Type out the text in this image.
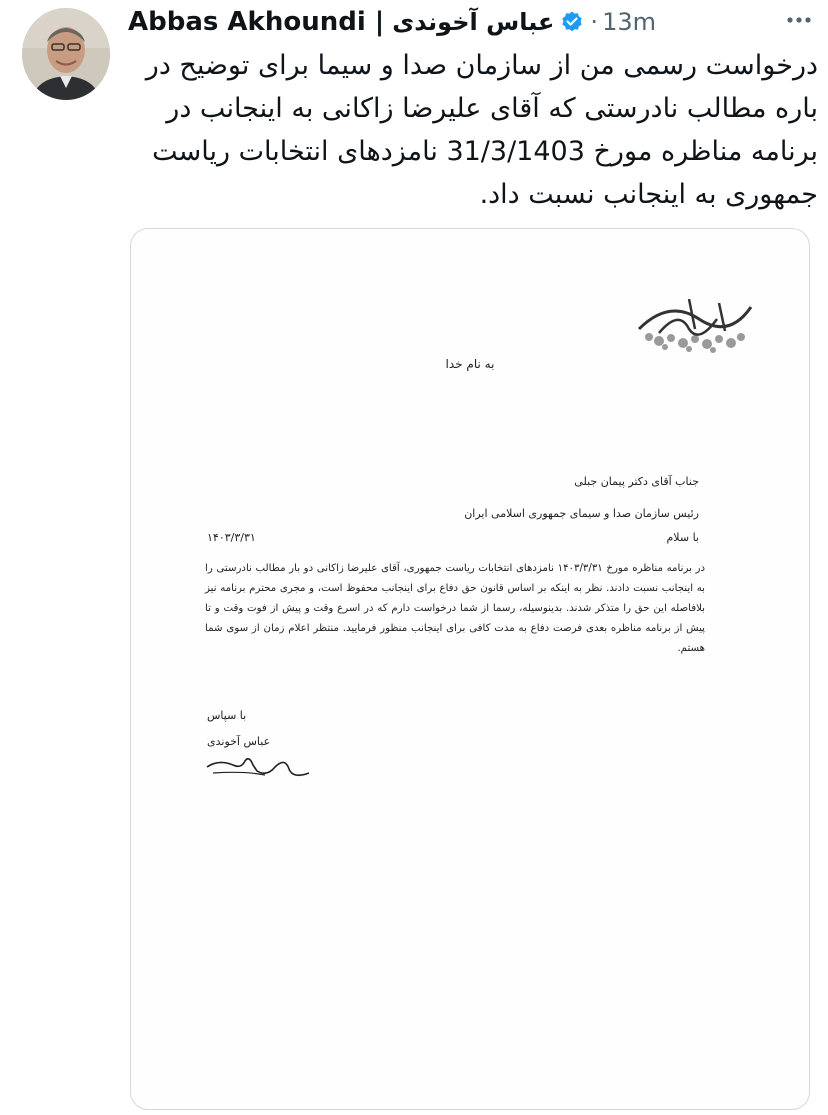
Abbas Akhoundi | عباس آخوندی · 13m
درخواست رسمی من از سازمان صدا و سیما برای توضیح در باره مطالب نادرستی که آقای علیرضا زاکانی به اینجانب در برنامه مناظره مورخ 31/3/1403 نامزدهای انتخابات ریاست جمهوری به اینجانب نسبت داد.
به نام خدا
جناب آقای دکتر پیمان جبلی
رئیس سازمان صدا و سیمای جمهوری اسلامی ایران
با سلام
۱۴۰۳/۳/۳۱
در برنامه مناظره مورخ ۱۴۰۳/۳/۳۱ نامزدهای انتخابات ریاست جمهوری، آقای علیرضا زاکانی دو بار مطالب نادرستی را به اینجانب نسبت دادند. نظر به اینکه بر اساس قانون حق دفاع برای اینجانب محفوظ است، و مجری محترم برنامه نیز بلافاصله این حق را متذکر شدند. بدینوسیله، رسما از شما درخواست دارم که در اسرع وقت و پیش از فوت وقت و تا پیش از برنامه مناظره بعدی فرصت دفاع به مدت کافی برای اینجانب منظور فرمایید. منتظر اعلام زمان از سوی شما هستم.
با سپاس
عباس آخوندی
